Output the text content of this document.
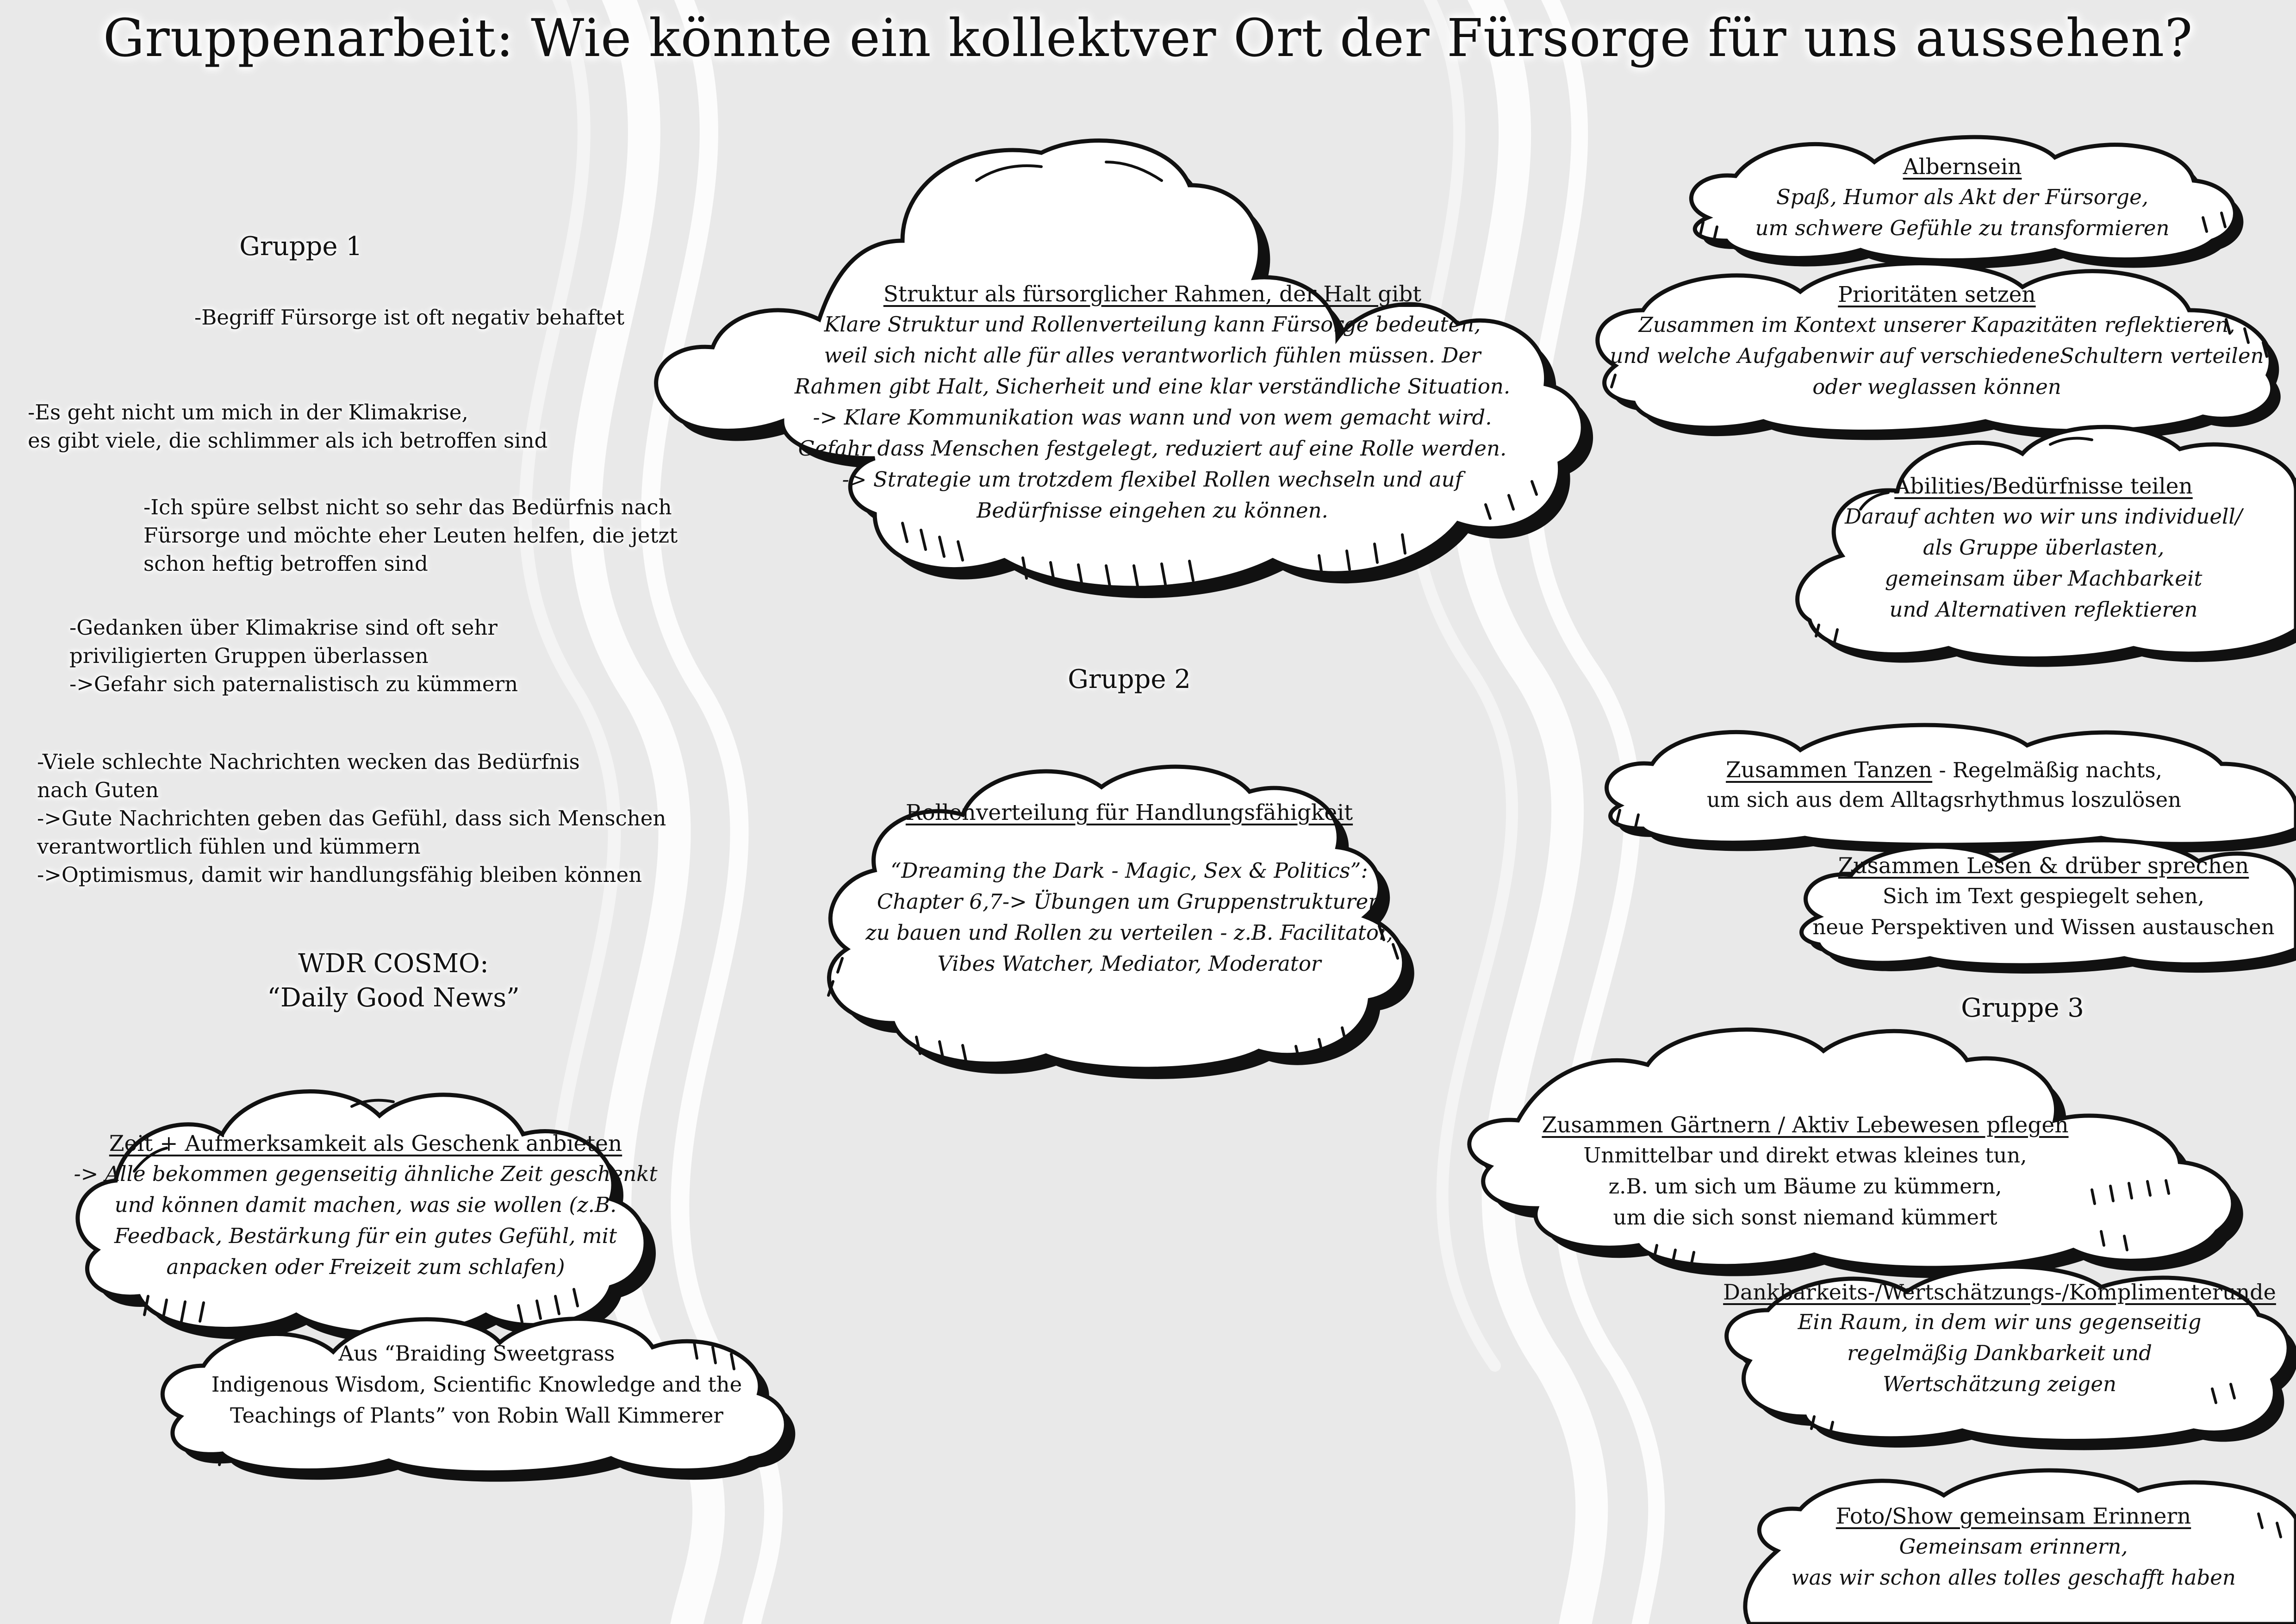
Gruppenarbeit: Wie könnte ein kollektver Ort der Fürsorge für uns aussehen?
Gruppe 1
Gruppe 2
Gruppe 3
-Begriff Fürsorge ist oft negativ behaftet
-Es geht nicht um mich in der Klimakrise,
es gibt viele, die schlimmer als ich betroffen sind
-Ich spüre selbst nicht so sehr das Bedürfnis nach
Fürsorge und möchte eher Leuten helfen, die jetzt
schon heftig betroffen sind
-Gedanken über Klimakrise sind oft sehr
priviligierten Gruppen überlassen
->Gefahr sich paternalistisch zu kümmern
-Viele schlechte Nachrichten wecken das Bedürfnis
nach Guten
->Gute Nachrichten geben das Gefühl, dass sich Menschen
verantwortlich fühlen und kümmern
->Optimismus, damit wir handlungsfähig bleiben können
WDR COSMO:
“Daily Good News”
Zeit + Aufmerksamkeit als Geschenk anbieten
-> Alle bekommen gegenseitig ähnliche Zeit geschenkt
und können damit machen, was sie wollen (z.B.
Feedback, Bestärkung für ein gutes Gefühl, mit
anpacken oder Freizeit zum schlafen)
Aus “Braiding Sweetgrass
Indigenous Wisdom, Scientific Knowledge and the
Teachings of Plants” von Robin Wall Kimmerer
Struktur als fürsorglicher Rahmen, der Halt gibt
Klare Struktur und Rollenverteilung kann Fürsorge bedeuten,
weil sich nicht alle für alles verantworlich fühlen müssen. Der
Rahmen gibt Halt, Sicherheit und eine klar verständliche Situation.
-> Klare Kommunikation was wann und von wem gemacht wird.
Gefahr dass Menschen festgelegt, reduziert auf eine Rolle werden.
-> Strategie um trotzdem flexibel Rollen wechseln und auf
Bedürfnisse eingehen zu können.
Rollenverteilung für Handlungsfähigkeit
“Dreaming the Dark - Magic, Sex & Politics”:
Chapter 6,7-> Übungen um Gruppenstrukturen
zu bauen und Rollen zu verteilen - z.B. Facilitator,
Vibes Watcher, Mediator, Moderator
Albernsein
Spaß, Humor als Akt der Fürsorge,
um schwere Gefühle zu transformieren
Prioritäten setzen
Zusammen im Kontext unserer Kapazitäten reflektieren,
und welche Aufgabenwir auf verschiedeneSchultern verteilen
oder weglassen können
Abilities/Bedürfnisse teilen
Darauf achten wo wir uns individuell/
als Gruppe überlasten,
gemeinsam über Machbarkeit
und Alternativen reflektieren
Zusammen Tanzen - Regelmäßig nachts,
um sich aus dem Alltagsrhythmus loszulösen
Zusammen Lesen & drüber sprechen
Sich im Text gespiegelt sehen,
neue Perspektiven und Wissen austauschen
Zusammen Gärtnern / Aktiv Lebewesen pflegen
Unmittelbar und direkt etwas kleines tun,
z.B. um sich um Bäume zu kümmern,
um die sich sonst niemand kümmert
Dankbarkeits-/Wertschätzungs-/Komplimenterunde
Ein Raum, in dem wir uns gegenseitig
regelmäßig Dankbarkeit und
Wertschätzung zeigen
Foto/Show gemeinsam Erinnern
Gemeinsam erinnern,
was wir schon alles tolles geschafft haben
